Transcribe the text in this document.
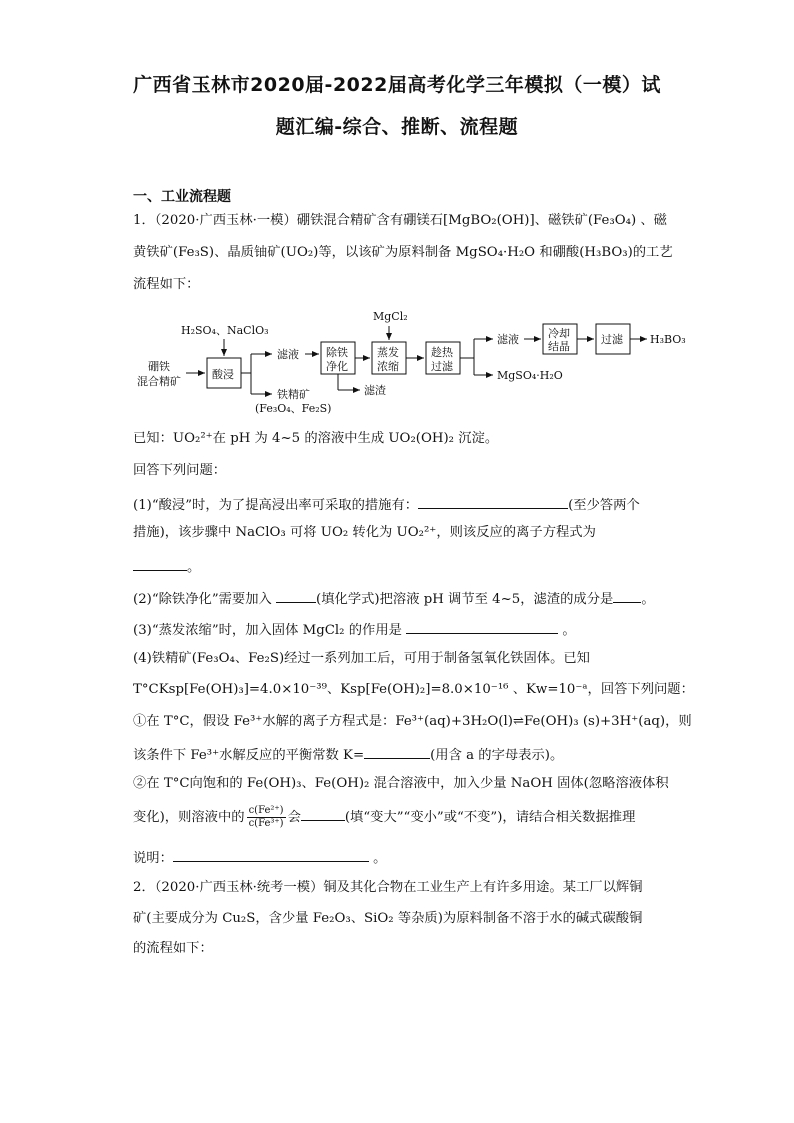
广西省玉林市2020届-2022届高考化学三年模拟（一模）试
题汇编-综合、推断、流程题
一、工业流程题
1．（2020·广西玉林·一模）硼铁混合精矿含有硼镁石[MgBO₂(OH)]、磁铁矿(Fe₃O₄) 、磁
黄铁矿(Fe₃S)、晶质铀矿(UO₂)等，以该矿为原料制备 MgSO₄·H₂O 和硼酸(H₃BO₃)的工艺
流程如下：
硼铁
混合精矿
H₂SO₄、NaClO₃
酸浸
滤液
铁精矿
(Fe₃O₄、Fe₂S)
除铁
净化
滤渣
MgCl₂
蒸发
浓缩
趁热
过滤
滤液
MgSO₄·H₂O
冷却
结晶
过滤 H₃BO₃
已知：UO₂²⁺在 pH 为 4~5 的溶液中生成 UO₂(OH)₂ 沉淀。
回答下列问题：
(1)“酸浸”时，为了提高浸出率可采取的措施有：	(至少答两个
措施)，该步骤中 NaClO₃ 可将 UO₂ 转化为 UO₂²⁺，则该反应的离子方程式为
。
(2)“除铁净化”需要加入	(填化学式)把溶液 pH 调节至 4~5，滤渣的成分是 。
(3)“蒸发浓缩”时，加入固体 MgCl₂ 的作用是	。
(4)铁精矿(Fe₃O₄、Fe₂S)经过一系列加工后，可用于制备氢氧化铁固体。已知
T°CKsp[Fe(OH)₃]=4.0×10⁻³⁹、Ksp[Fe(OH)₂]=8.0×10⁻¹⁶ 、Kw=10⁻ᵃ，回答下列问题：
①在 T°C，假设 Fe³⁺水解的离子方程式是：Fe³⁺(aq)+3H₂O(l)⇌Fe(OH)₃ (s)+3H⁺(aq)，则
该条件下 Fe³⁺水解反应的平衡常数 K=	(用含 a 的字母表示)。
②在 T°C向饱和的 Fe(OH)₃、Fe(OH)₂ 混合溶液中，加入少量 NaOH 固体(忽略溶液体积
变化)，则溶液中的 $\frac{\text{c(Fe²⁺)}}{\text{c(Fe³⁺)}}$ 会	(填“变大”“变小”或“不变”)，请结合相关数据推理
说明：	。
2．（2020·广西玉林·统考一模）铜及其化合物在工业生产上有许多用途。某工厂以辉铜
矿(主要成分为 Cu₂S，含少量 Fe₂O₃、SiO₂ 等杂质)为原料制备不溶于水的碱式碳酸铜
的流程如下：
